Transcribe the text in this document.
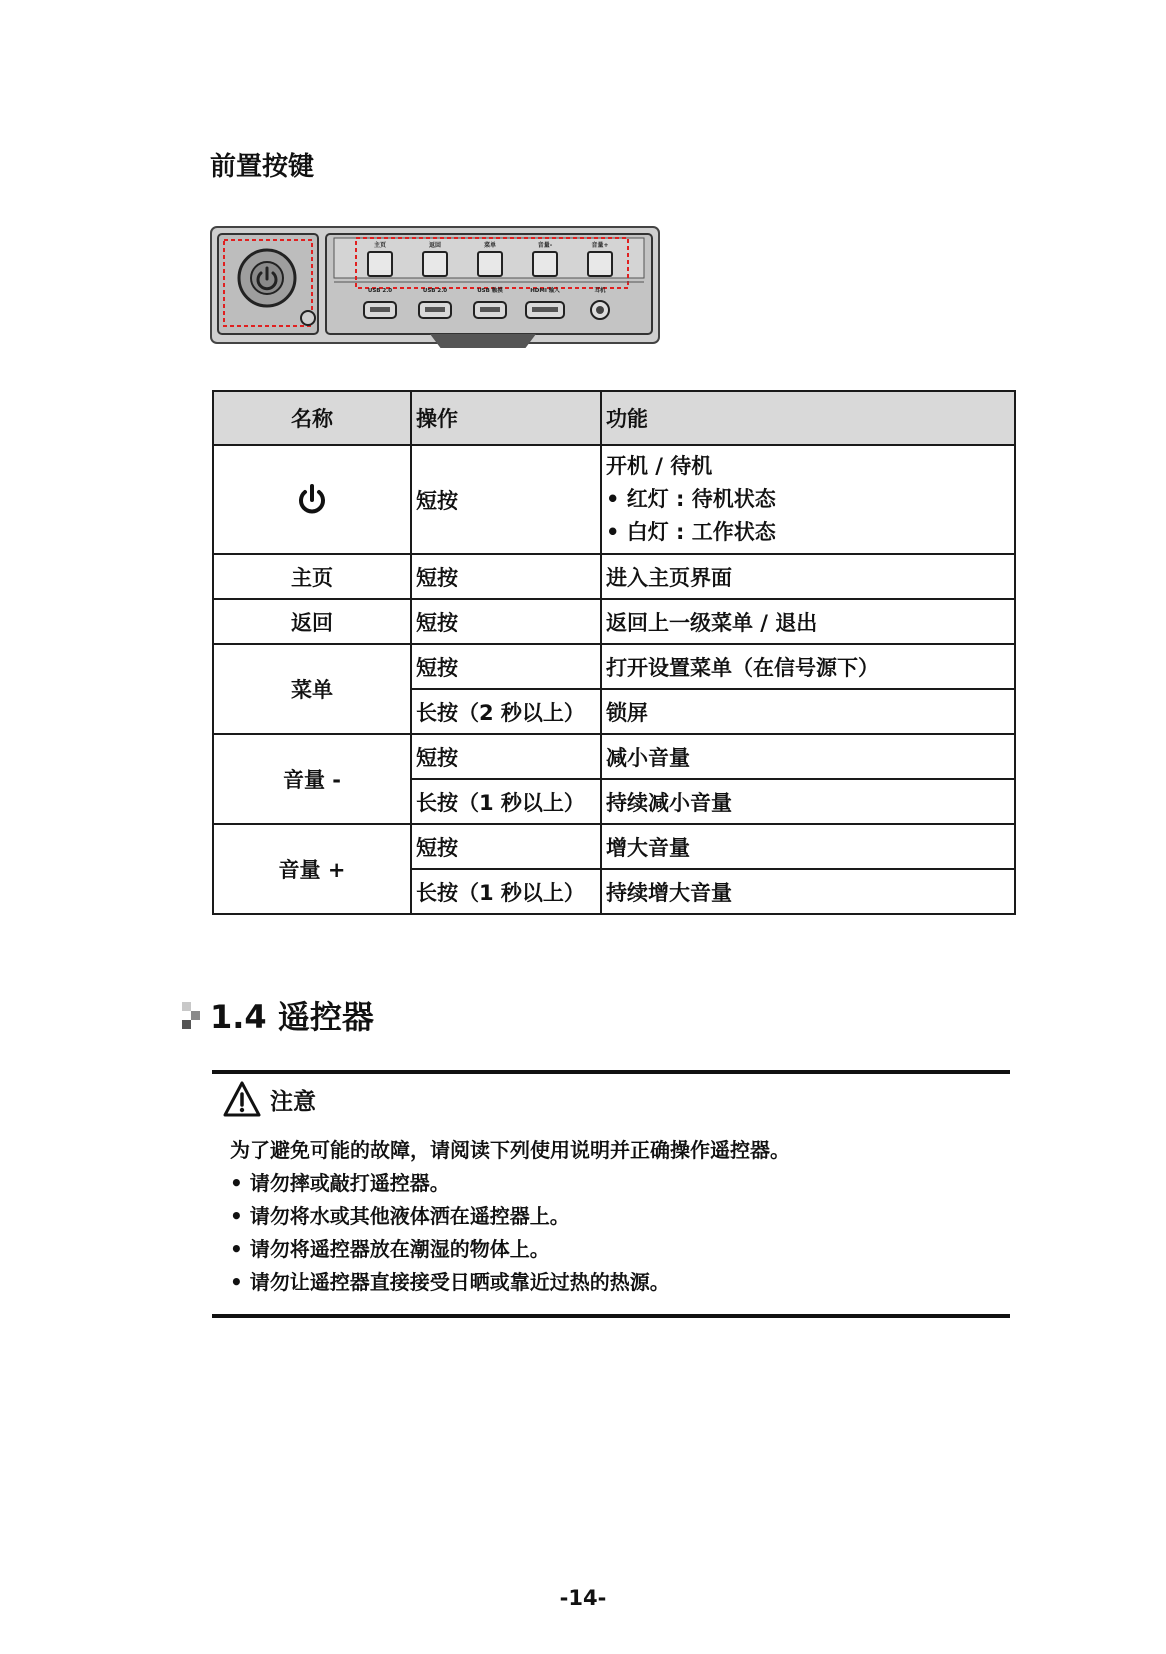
前置按键
主页	返回	菜单	音量-	音量+
USB 2.0	USB 2.0	USB 触摸	HDMI 输入	耳机
名称	操作	功能
	短按	开机 / 待机
• 红灯 : 待机状态
• 白灯 : 工作状态

主页	短按	进入主页界面
返回	短按	返回上一级菜单 / 退出
菜单	短按	打开设置菜单（在信号源下）
	长按（2 秒以上）	锁屏
音量 -	短按	减小音量
	长按（1 秒以上）	持续减小音量
音量 +	短按	增大音量
	长按（1 秒以上）	持续增大音量
1.4 遥控器
注意
为了避免可能的故障，请阅读下列使用说明并正确操作遥控器。
• 请勿摔或敲打遥控器。
• 请勿将水或其他液体洒在遥控器上。
• 请勿将遥控器放在潮湿的物体上。
• 请勿让遥控器直接接受日晒或靠近过热的热源。
-14-
